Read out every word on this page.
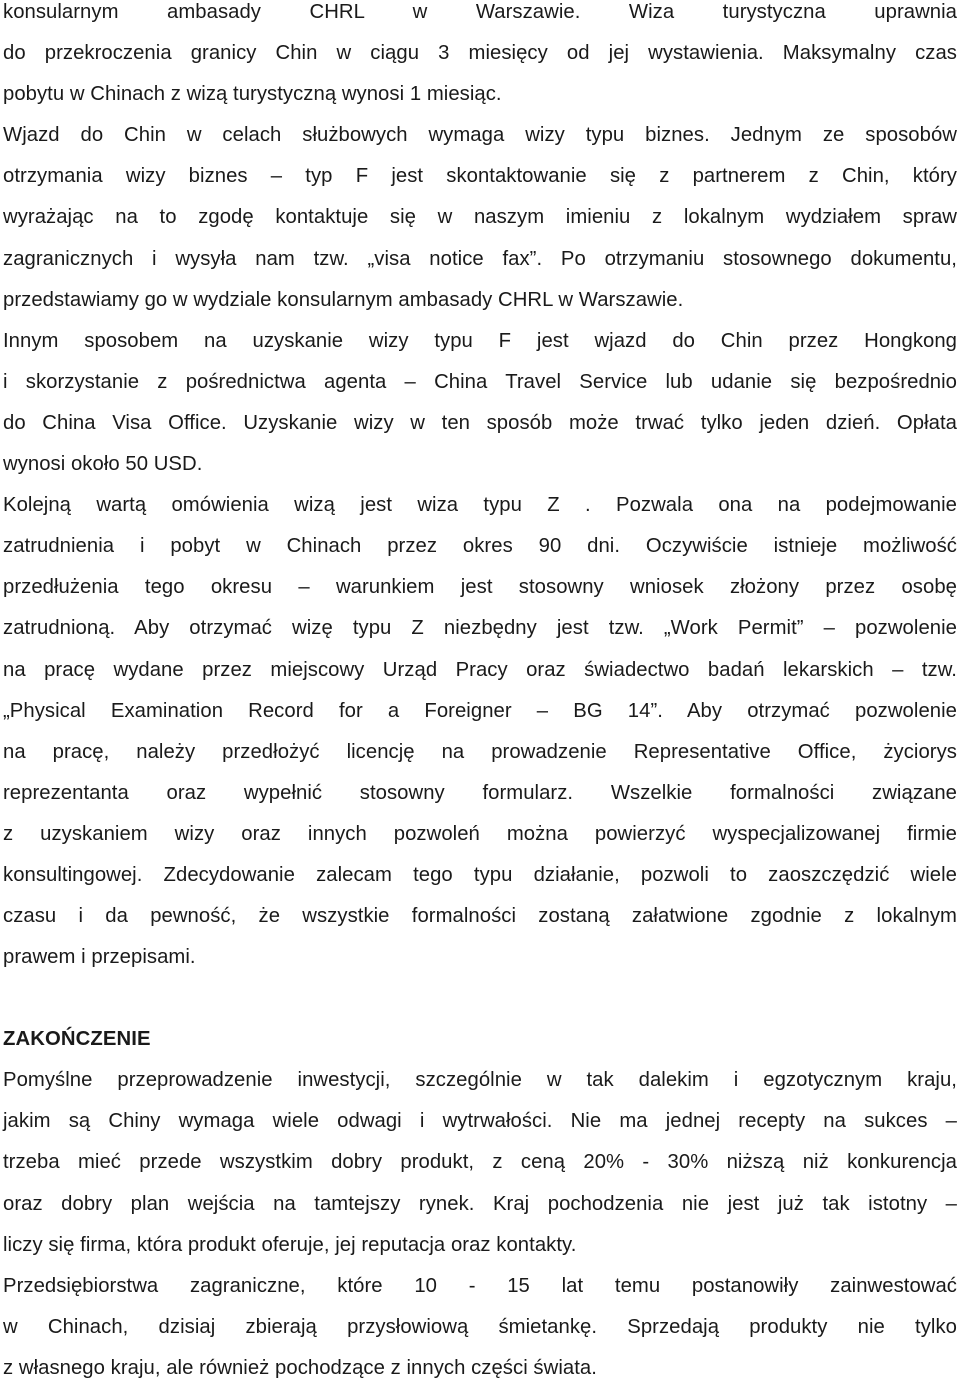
konsularnym ambasady CHRL w Warszawie. Wiza turystyczna uprawnia
do przekroczenia granicy Chin w ciągu 3 miesięcy od jej wystawienia. Maksymalny czas
pobytu w Chinach z wizą turystyczną wynosi 1 miesiąc.
Wjazd do Chin w celach służbowych wymaga wizy typu biznes. Jednym ze sposobów
otrzymania wizy biznes – typ F jest skontaktowanie się z partnerem z Chin, który
wyrażając na to zgodę kontaktuje się w naszym imieniu z lokalnym wydziałem spraw
zagranicznych i wysyła nam tzw. „visa notice fax”. Po otrzymaniu stosownego dokumentu,
przedstawiamy go w wydziale konsularnym ambasady CHRL w Warszawie.
Innym sposobem na uzyskanie wizy typu F jest wjazd do Chin przez Hongkong
i skorzystanie z pośrednictwa agenta – China Travel Service lub udanie się bezpośrednio
do China Visa Office. Uzyskanie wizy w ten sposób może trwać tylko jeden dzień. Opłata
wynosi około 50 USD.
Kolejną wartą omówienia wizą jest wiza typu Z . Pozwala ona na podejmowanie
zatrudnienia i pobyt w Chinach przez okres 90 dni. Oczywiście istnieje możliwość
przedłużenia tego okresu – warunkiem jest stosowny wniosek złożony przez osobę
zatrudnioną. Aby otrzymać wizę typu Z niezbędny jest tzw. „Work Permit” – pozwolenie
na pracę wydane przez miejscowy Urząd Pracy oraz świadectwo badań lekarskich – tzw.
„Physical Examination Record for a Foreigner – BG 14”. Aby otrzymać pozwolenie
na pracę, należy przedłożyć licencję na prowadzenie Representative Office, życiorys
reprezentanta oraz wypełnić stosowny formularz. Wszelkie formalności związane
z uzyskaniem wizy oraz innych pozwoleń można powierzyć wyspecjalizowanej firmie
konsultingowej. Zdecydowanie zalecam tego typu działanie, pozwoli to zaoszczędzić wiele
czasu i da pewność, że wszystkie formalności zostaną załatwione zgodnie z lokalnym
prawem i przepisami.
ZAKOŃCZENIE
Pomyślne przeprowadzenie inwestycji, szczególnie w tak dalekim i egzotycznym kraju,
jakim są Chiny wymaga wiele odwagi i wytrwałości. Nie ma jednej recepty na sukces –
trzeba mieć przede wszystkim dobry produkt, z ceną 20% - 30% niższą niż konkurencja
oraz dobry plan wejścia na tamtejszy rynek. Kraj pochodzenia nie jest już tak istotny –
liczy się firma, która produkt oferuje, jej reputacja oraz kontakty.
Przedsiębiorstwa zagraniczne, które 10 - 15 lat temu postanowiły zainwestować
w Chinach, dzisiaj zbierają przysłowiową śmietankę. Sprzedają produkty nie tylko
z własnego kraju, ale również pochodzące z innych części świata.
